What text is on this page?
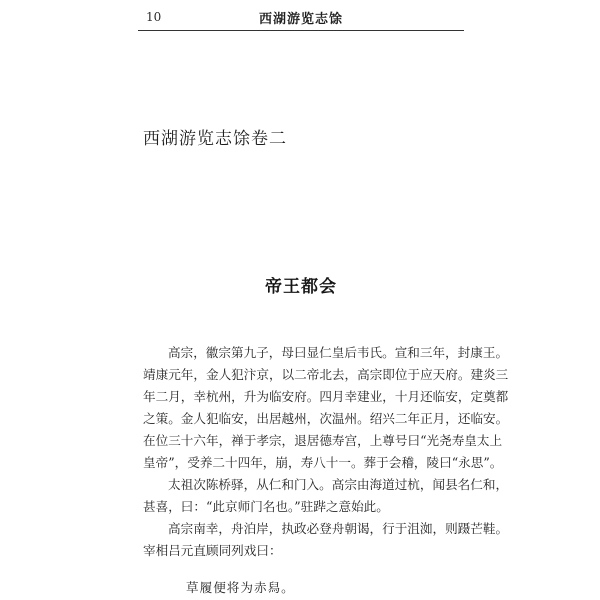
10	西湖游览志馀
西湖游览志馀卷二
帝王都会
高宗，徽宗第九子，母曰显仁皇后韦氏。宣和三年，封康王。
靖康元年，金人犯汴京，以二帝北去，高宗即位于应天府。建炎三
年二月，幸杭州，升为临安府。四月幸建业，十月还临安，定奠都
之策。金人犯临安，出居越州，次温州。绍兴二年正月，还临安。
在位三十六年，禅于孝宗，退居德寿宫，上尊号曰“光尧寿皇太上
皇帝”，受养二十四年，崩，寿八十一。葬于会稽，陵曰“永思”。
太祖次陈桥驿，从仁和门入。高宗由海道过杭，闻县名仁和，
甚喜，曰：“此京师门名也。”驻跸之意始此。
高宗南幸，舟泊岸，执政必登舟朝谒，行于沮洳，则蹑芒鞋。
宰相吕元直顾同列戏曰：
草履便将为赤舄。
